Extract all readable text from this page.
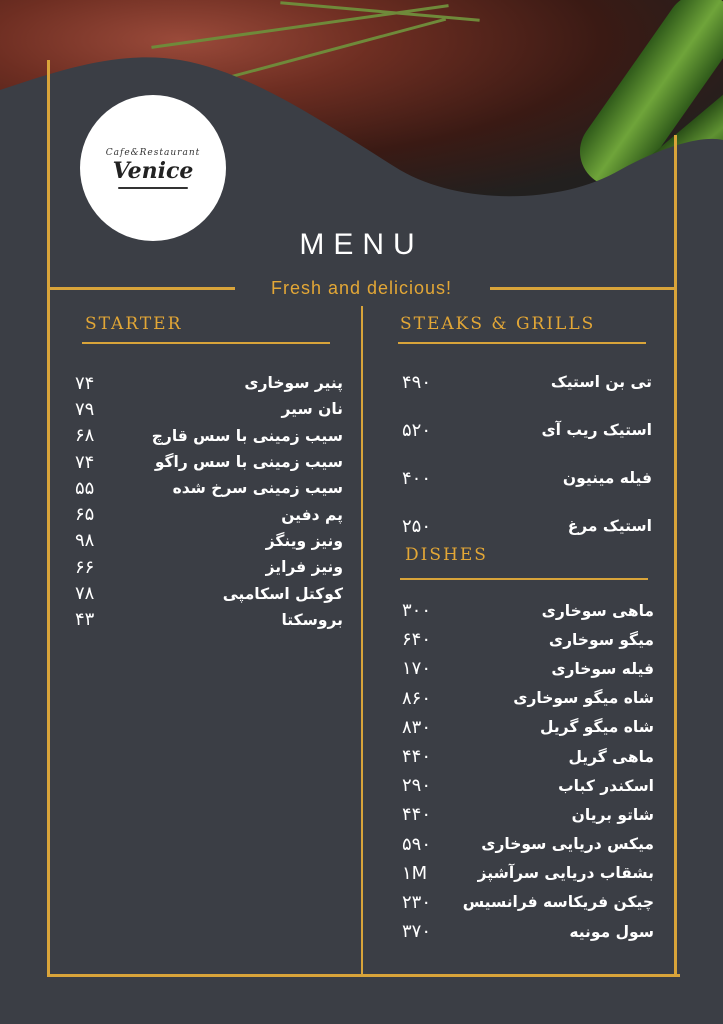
Cafe&Restaurant
Venice
MENU
Fresh and delicious!
STARTER
۷۴	پنیر سوخاری
۷۹	نان سیر
۶۸	سیب زمینی با سس قارچ
۷۴	سیب زمینی با سس راگو
۵۵	سیب زمینی سرخ شده
۶۵	پم دفین
۹۸	ونیز وینگز
۶۶	ونیز فرایز
۷۸	کوکتل اسکامپی
۴۳	بروسکتا
STEAKS & GRILLS
۴۹۰	تی بن استیک
۵۲۰	استیک ریب آی
۴۰۰	فیله مینیون
۲۵۰	استیک مرغ
DISHES
۳۰۰	ماهی سوخاری
۶۴۰	میگو سوخاری
۱۷۰	فیله سوخاری
۸۶۰	شاه میگو سوخاری
۸۳۰	شاه میگو گریل
۴۴۰	ماهی گریل
۲۹۰	اسکندر کباب
۴۴۰	شاتو بریان
۵۹۰	میکس دریایی سوخاری
۱M	بشقاب دریایی سرآشپز
۲۳۰ چیکن فریکاسه فرانسیس
۳۷۰	سول مونیه
